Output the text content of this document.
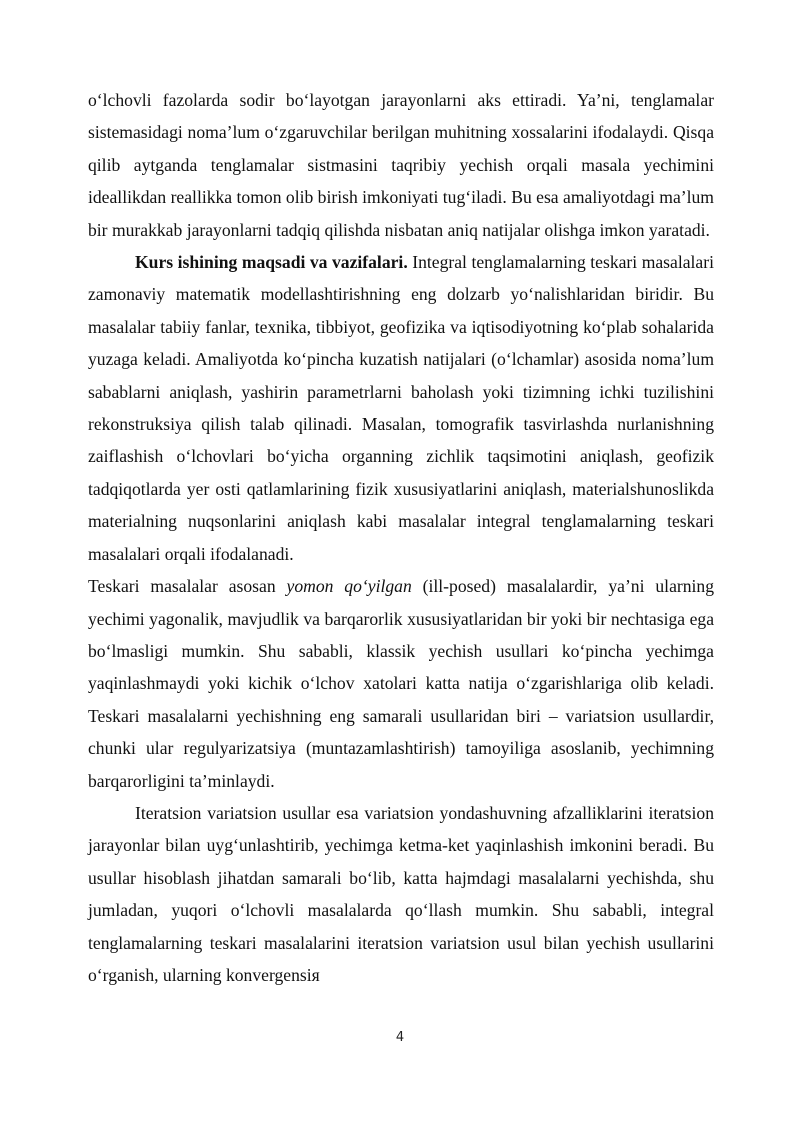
o‘lchovli fazolarda sodir bo‘layotgan jarayonlarni aks ettiradi. Ya’ni, tenglamalar sistemasidagi noma’lum o‘zgaruvchilar berilgan muhitning xossalarini ifodalaydi. Qisqa qilib aytganda tenglamalar sistmasini taqribiy yechish orqali masala yechimini ideallikdan reallikka tomon olib birish imkoniyati tug‘iladi. Bu esa amaliyotdagi ma’lum bir murakkab jarayonlarni tadqiq qilishda nisbatan aniq natijalar olishga imkon yaratadi.

Kurs ishining maqsadi va vazifalari. Integral tenglamalarning teskari masalalari zamonaviy matematik modellashtirishning eng dolzarb yo‘nalishlaridan biridir. Bu masalalar tabiiy fanlar, texnika, tibbiyot, geofizika va iqtisodiyotning ko‘plab sohalarida yuzaga keladi. Amaliyotda ko‘pincha kuzatish natijalari (o‘lchamlar) asosida noma’lum sabablarni aniqlash, yashirin parametrlarni baholash yoki tizimning ichki tuzilishini rekonstruksiya qilish talab qilinadi. Masalan, tomografik tasvirlashda nurlanishning zaiflashish o‘lchovlari bo‘yicha organning zichlik taqsimotini aniqlash, geofizik tadqiqotlarda yer osti qatlamlarining fizik xususiyatlarini aniqlash, materialshunoslikda materialning nuqsonlarini aniqlash kabi masalalar integral tenglamalarning teskari masalalari orqali ifodalanadi.

Teskari masalalar asosan yomon qo‘yilgan (ill-posed) masalalardir, ya’ni ularning yechimi yagonalik, mavjudlik va barqarorlik xususiyatlaridan bir yoki bir nechtasiga ega bo‘lmasligi mumkin. Shu sababli, klassik yechish usullari ko‘pincha yechimga yaqinlashmaydi yoki kichik o‘lchov xatolari katta natija o‘zgarishlariga olib keladi. Teskari masalalarni yechishning eng samarali usullaridan biri – variatsion usullardir, chunki ular regulyarizatsiya (muntazamlashtirish) tamoyiliga asoslanib, yechimning barqarorligini ta’minlaydi.

Iteratsion variatsion usullar esa variatsion yondashuvning afzalliklarini iteratsion jarayonlar bilan uyg‘unlashtirib, yechimga ketma-ket yaqinlashish imkonini beradi. Bu usullar hisoblash jihatdan samarali bo‘lib, katta hajmdagi masalalarni yechishda, shu jumladan, yuqori o‘lchovli masalalarda qo‘llash mumkin. Shu sababli, integral tenglamalarning teskari masalalarini iteratsion variatsion usul bilan yechish usullarini o‘rganish, ularning konvergensiя

4
